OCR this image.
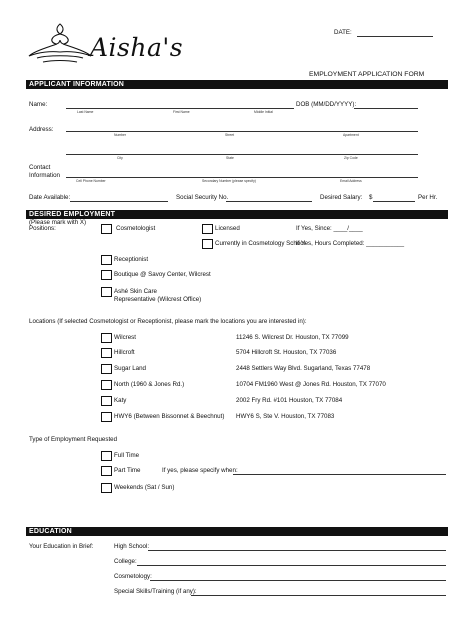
Aisha's
DATE:
EMPLOYMENT APPLICATION FORM
APPLICANT INFORMATION
Name:	DOB (MM/DD/YYYY):
Last Name	First Name	Middle Initial
Address:
Number	Street	Apartment
City	State	Zip Code
Contact
Information
Cell Phone Number	Secondary Number (please specify)	Email Address
Date Available:	Social Security No.	Desired Salary: $	Per Hr.
DESIRED EMPLOYMENT
(Please mark with X)
Positions:	Cosmetologist	Licensed	If Yes, Since: ____/____
Currently in Cosmetology School
If Yes, Hours Completed: ___________
Receptionist
Boutique @ Savoy Center, Wilcrest
Ashé Skin Care
Representative (Wilcrest Office)
Locations (If selected Cosmetologist or Receptionist, please mark the locations you are interested in):
Wilcrest	11246 S. Wilcrest Dr. Houston, TX 77099
Hillcroft	5704 Hillcroft St. Houston, TX 77036
Sugar Land	2448 Settlers Way Blvd. Sugarland, Texas 77478
North (1960 & Jones Rd.)	10704 FM1960 West @ Jones Rd. Houston, TX 77070
Katy	2002 Fry Rd. #101 Houston, TX 77084
HWY6 (Between Bissonnet & Beechnut) HWY6 S, Ste V. Houston, TX 77083
Type of Employment Requested
Full Time
Part Time	If yes, please specify when:
Weekends (Sat / Sun)
EDUCATION
Your Education in Brief:	High School:
College:
Cosmetology:
Special Skills/Training (if any):
